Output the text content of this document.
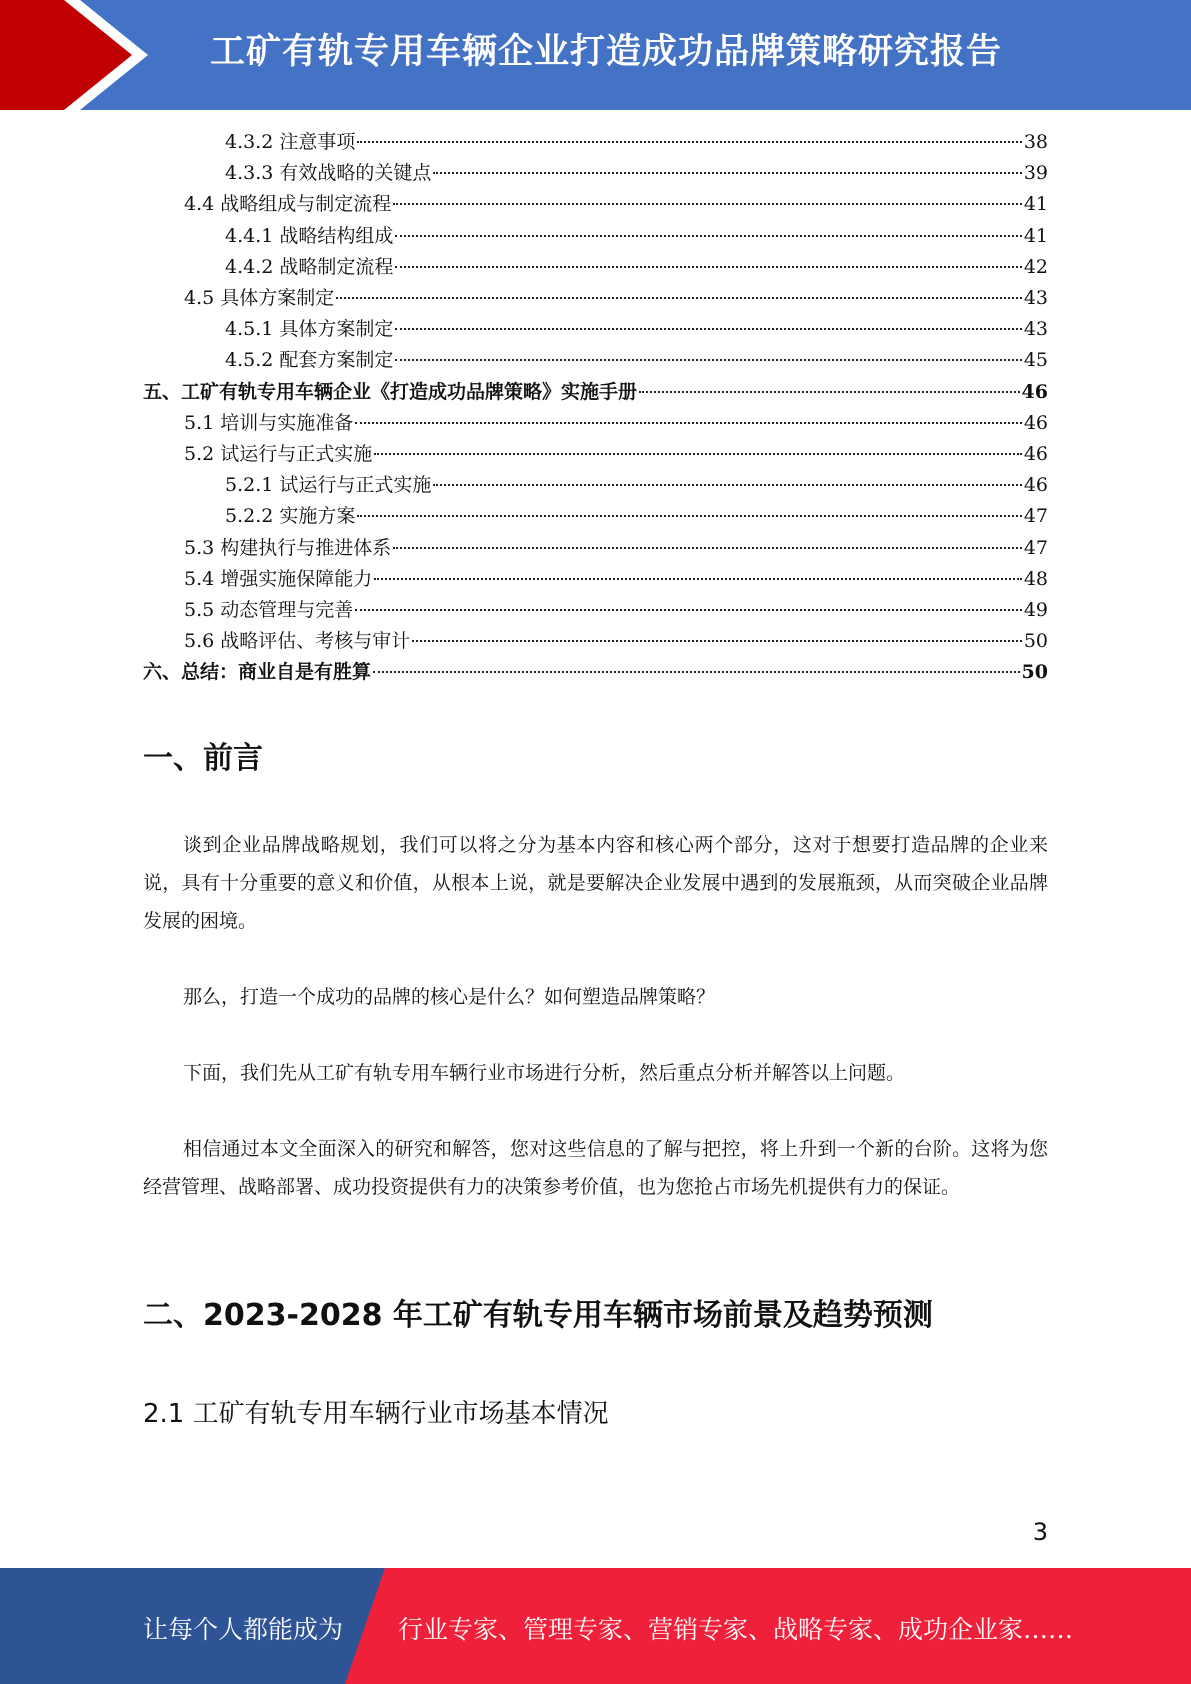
工矿有轨专用车辆企业打造成功品牌策略研究报告
4.3.2 注意事项	38
4.3.3 有效战略的关键点	39
4.4 战略组成与制定流程	41
4.4.1 战略结构组成	41
4.4.2 战略制定流程	42
4.5 具体方案制定	43
4.5.1 具体方案制定	43
4.5.2 配套方案制定	45
五、工矿有轨专用车辆企业《打造成功品牌策略》实施手册	46
5.1 培训与实施准备	46
5.2 试运行与正式实施	46
5.2.1 试运行与正式实施	46
5.2.2 实施方案	47
5.3 构建执行与推进体系	47
5.4 增强实施保障能力	48
5.5 动态管理与完善	49
5.6 战略评估、考核与审计	50
六、总结：商业自是有胜算	50
一、前言
谈到企业品牌战略规划，我们可以将之分为基本内容和核心两个部分，这对于想要打造品牌的企业来说，具有十分重要的意义和价值，从根本上说，就是要解决企业发展中遇到的发展瓶颈，从而突破企业品牌发展的困境。
那么，打造一个成功的品牌的核心是什么？如何塑造品牌策略？
下面，我们先从工矿有轨专用车辆行业市场进行分析，然后重点分析并解答以上问题。
相信通过本文全面深入的研究和解答，您对这些信息的了解与把控，将上升到一个新的台阶。这将为您经营管理、战略部署、成功投资提供有力的决策参考价值，也为您抢占市场先机提供有力的保证。
二、2023-2028 年工矿有轨专用车辆市场前景及趋势预测
2.1 工矿有轨专用车辆行业市场基本情况
3
让每个人都能成为 行业专家、管理专家、营销专家、战略专家、成功企业家……
